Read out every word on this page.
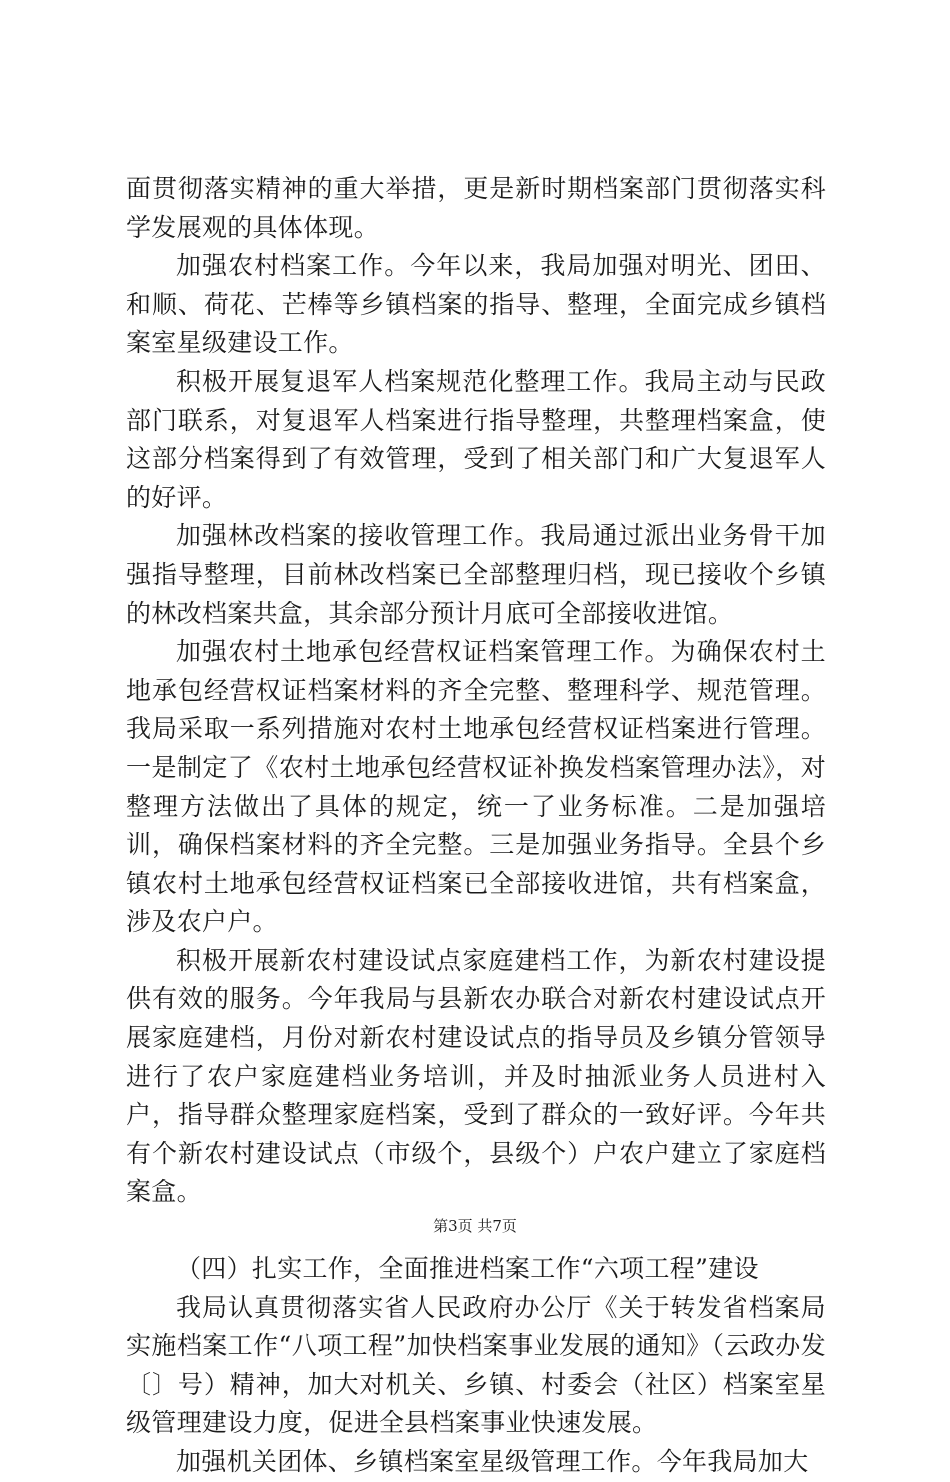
面贯彻落实精神的重大举措，更是新时期档案部门贯彻落实科学发展观的具体体现。

加强农村档案工作。今年以来，我局加强对明光、团田、和顺、荷花、芒棒等乡镇档案的指导、整理，全面完成乡镇档案室星级建设工作。

积极开展复退军人档案规范化整理工作。我局主动与民政部门联系，对复退军人档案进行指导整理，共整理档案盒，使这部分档案得到了有效管理，受到了相关部门和广大复退军人的好评。

加强林改档案的接收管理工作。我局通过派出业务骨干加强指导整理，目前林改档案已全部整理归档，现已接收个乡镇的林改档案共盒，其余部分预计月底可全部接收进馆。

加强农村土地承包经营权证档案管理工作。为确保农村土地承包经营权证档案材料的齐全完整、整理科学、规范管理。我局采取一系列措施对农村土地承包经营权证档案进行管理。一是制定了《农村土地承包经营权证补换发档案管理办法》，对整理方法做出了具体的规定，统一了业务标准。二是加强培训，确保档案材料的齐全完整。三是加强业务指导。全县个乡镇农村土地承包经营权证档案已全部接收进馆，共有档案盒，涉及农户户。

积极开展新农村建设试点家庭建档工作，为新农村建设提供有效的服务。今年我局与县新农办联合对新农村建设试点开展家庭建档，月份对新农村建设试点的指导员及乡镇分管领导进行了农户家庭建档业务培训，并及时抽派业务人员进村入户，指导群众整理家庭档案，受到了群众的一致好评。今年共有个新农村建设试点（市级个，县级个）户农户建立了家庭档案盒。

（四）扎实工作，全面推进档案工作“六项工程”建设

我局认真贯彻落实省人民政府办公厅《关于转发省档案局实施档案工作“八项工程”加快档案事业发展的通知》（云政办发〔〕号）精神，加大对机关、乡镇、村委会（社区）档案室星级管理建设力度，促进全县档案事业快速发展。

加强机关团体、乡镇档案室星级管理工作。今年我局加大

第3页 共7页
